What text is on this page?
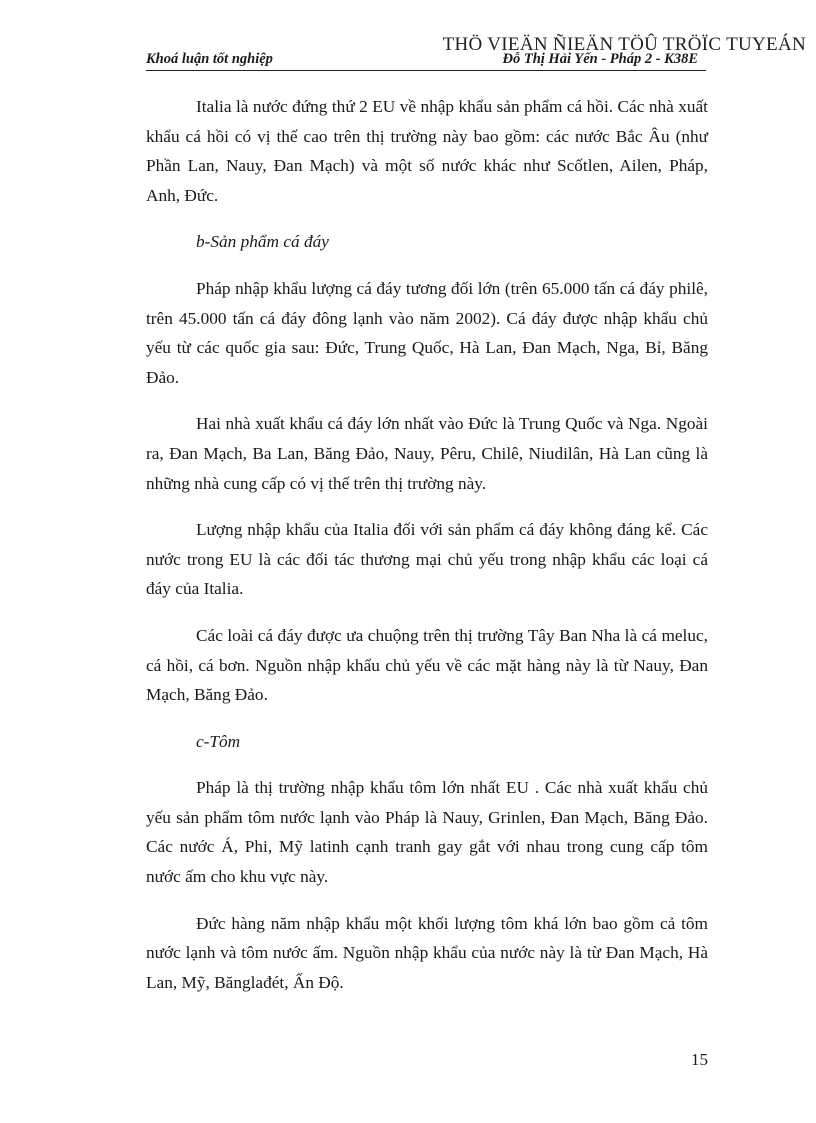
THÖ VIEÄN ÑIEÄN TÖÛ TRÖÏC TUYEÁN
Khoá luận tốt nghiệp	Đỗ Thị Hải Yến - Pháp 2 - K38E

Italia là nước đứng thứ 2 EU về nhập khẩu sản phẩm cá hồi. Các nhà xuất khẩu cá hồi có vị thế cao trên thị trường này bao gồm: các nước Bắc Âu (như Phần Lan, Nauy, Đan Mạch) và một số nước khác như Scốtlen, Ailen, Pháp, Anh, Đức.

b-Sản phẩm cá đáy

Pháp nhập khẩu lượng cá đáy tương đối lớn (trên 65.000 tấn cá đáy philê, trên 45.000 tấn cá đáy đông lạnh vào năm 2002). Cá đáy được nhập khẩu chủ yếu từ các quốc gia sau: Đức, Trung Quốc, Hà Lan, Đan Mạch, Nga, Bỉ, Băng Đảo.

Hai nhà xuất khẩu cá đáy lớn nhất vào Đức là Trung Quốc và Nga. Ngoài ra, Đan Mạch, Ba Lan, Băng Đảo, Nauy, Pêru, Chilê, Niudilân, Hà Lan cũng là những nhà cung cấp có vị thế trên thị trường này.

Lượng nhập khẩu của Italia đối với sản phẩm cá đáy không đáng kể. Các nước trong EU là các đối tác thương mại chủ yếu trong nhập khẩu các loại cá đáy của Italia.

Các loài cá đáy được ưa chuộng trên thị trường Tây Ban Nha là cá meluc, cá hồi, cá bơn. Nguồn nhập khẩu chủ yếu về các mặt hàng này là từ Nauy, Đan Mạch, Băng Đảo.

c-Tôm

Pháp là thị trường nhập khẩu tôm lớn nhất EU . Các nhà xuất khẩu chủ yếu sản phẩm tôm nước lạnh vào Pháp là Nauy, Grinlen, Đan Mạch, Băng Đảo. Các nước Á, Phi, Mỹ latinh cạnh tranh gay gắt với nhau trong cung cấp tôm nước ấm cho khu vực này.

Đức hàng năm nhập khẩu một khối lượng tôm khá lớn bao gồm cả tôm nước lạnh và tôm nước ấm. Nguồn nhập khẩu của nước này là từ Đan Mạch, Hà Lan, Mỹ, Bănglađét, Ấn Độ.

15
